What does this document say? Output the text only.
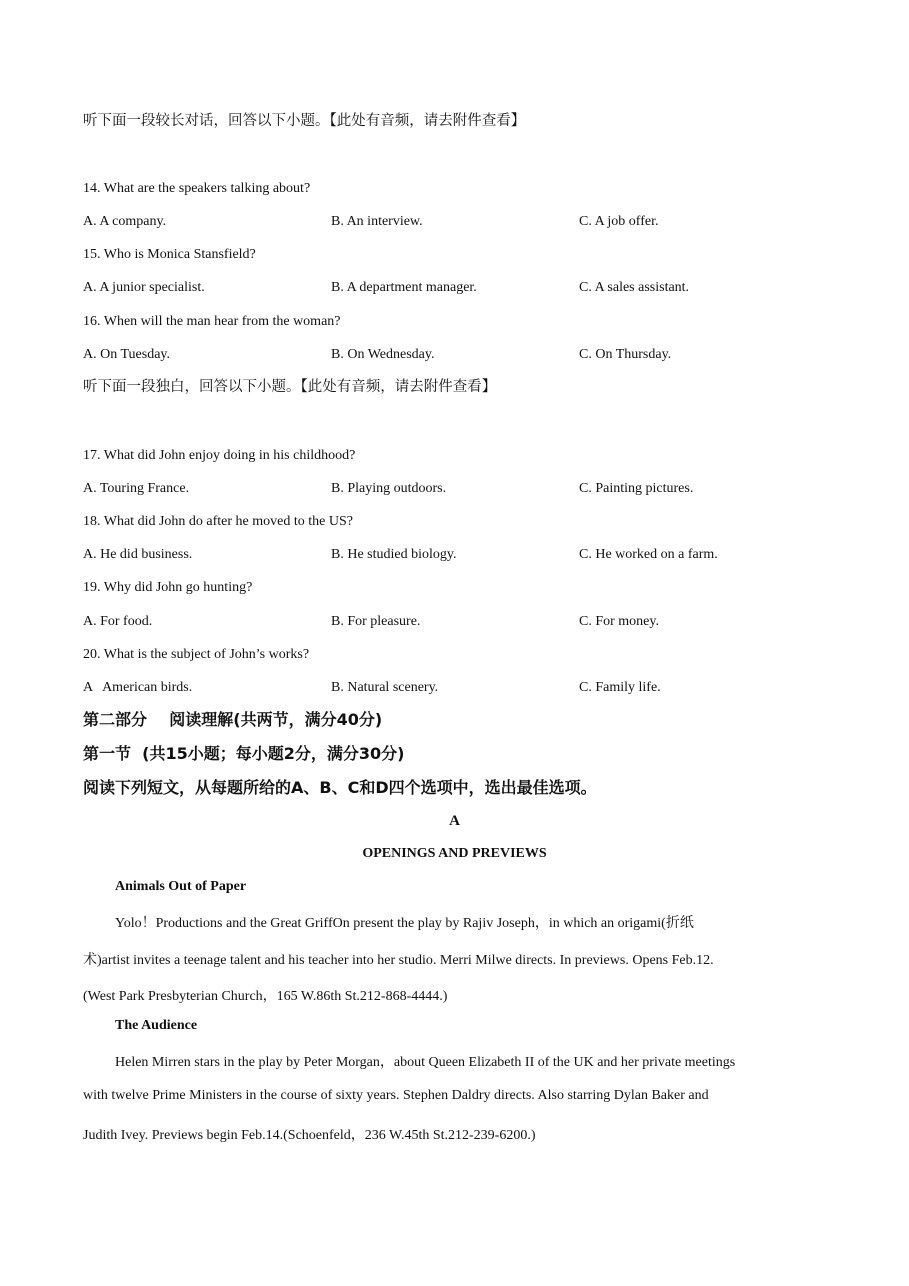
听下面一段较长对话，回答以下小题。【此处有音频，请去附件查看】
14. What are the speakers talking about?
A. A company.	B. An interview.	C. A job offer.
15. Who is Monica Stansfield?
A. A junior specialist.	B. A department manager.	C. A sales assistant.
16. When will the man hear from the woman?
A. On Tuesday.	B. On Wednesday.	C. On Thursday.
听下面一段独白，回答以下小题。【此处有音频，请去附件查看】
17. What did John enjoy doing in his childhood?
A. Touring France.	B. Playing outdoors.	C. Painting pictures.
18. What did John do after he moved to the US?
A. He did business.	B. He studied biology.	C. He worked on a farm.
19. Why did John go hunting?
A. For food.	B. For pleasure.	C. For money.
20. What is the subject of John’s works?
A   American birds.	B. Natural scenery.	C. Family life.
第二部分    阅读理解(共两节，满分40分)
第一节  (共15小题；每小题2分，满分30分)
阅读下列短文，从每题所给的A、B、C和D四个选项中，选出最佳选项。
A
OPENINGS AND PREVIEWS
Animals Out of Paper
Yolo！Productions and the Great GriffOn present the play by Rajiv Joseph，in which an origami(折纸
术)artist invites a teenage talent and his teacher into her studio. Merri Milwe directs. In previews. Opens Feb.12.
(West Park Presbyterian Church，165 W.86th St.212-868-4444.)
The Audience
Helen Mirren stars in the play by Peter Morgan，about Queen Elizabeth II of the UK and her private meetings
with twelve Prime Ministers in the course of sixty years. Stephen Daldry directs. Also starring Dylan Baker and
Judith Ivey. Previews begin Feb.14.(Schoenfeld，236 W.45th St.212-239-6200.)
